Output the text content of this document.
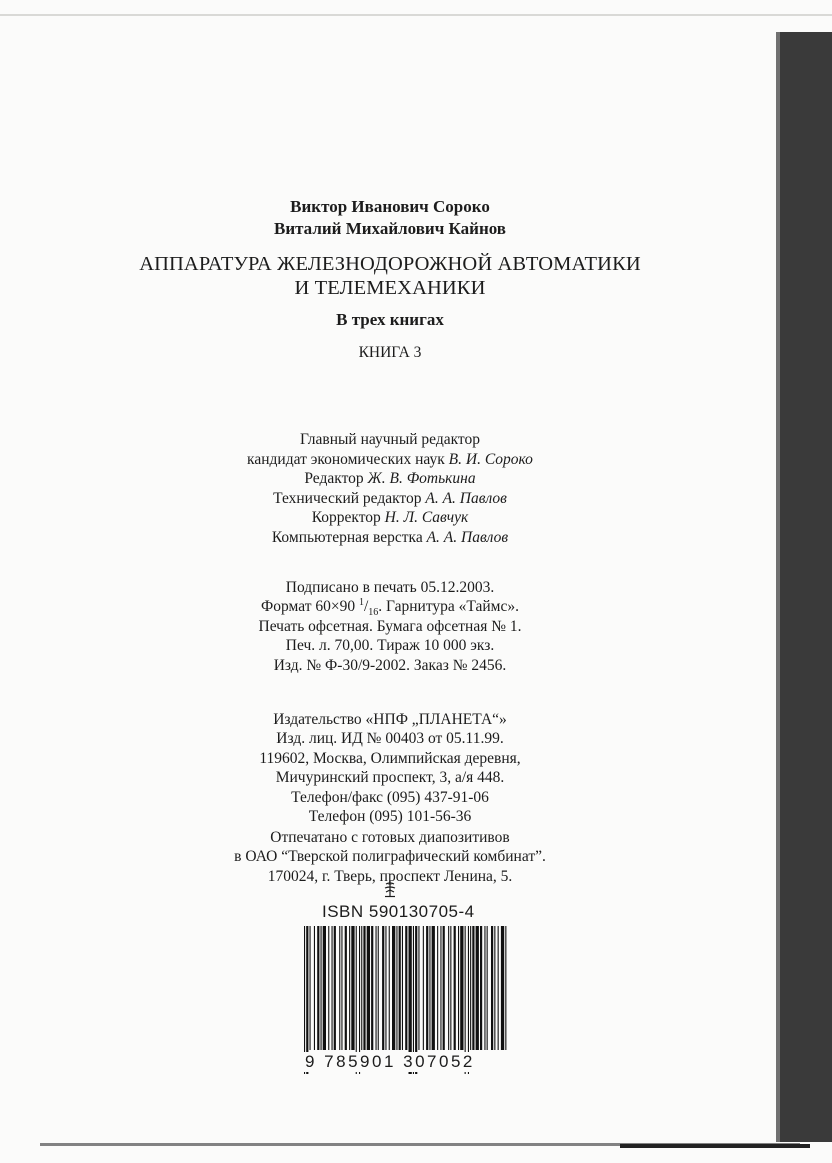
Виктор Иванович Сороко
Виталий Михайлович Кайнов
АППАРАТУРА ЖЕЛЕЗНОДОРОЖНОЙ АВТОМАТИКИ
И ТЕЛЕМЕХАНИКИ
В трех книгах
КНИГА 3
Главный научный редактор
кандидат экономических наук В. И. Сороко
Редактор Ж. В. Фотькина
Технический редактор А. А. Павлов
Корректор Н. Л. Савчук
Компьютерная верстка А. А. Павлов
Подписано в печать 05.12.2003.
Формат 60×90 $^1/_{16}$. Гарнитура «Таймс».
Печать офсетная. Бумага офсетная № 1.
Печ. л. 70,00. Тираж 10 000 экз.
Изд. № Ф-30/9-2002. Заказ № 2456.
Издательство «НПФ „ПЛАНЕТА“»
Изд. лиц. ИД № 00403 от 05.11.99.
119602, Москва, Олимпийская деревня,
Мичуринский проспект, 3, а/я 448.
Телефон/факс (095) 437-91-06
Телефон (095) 101-56-36
Отпечатано с готовых диапозитивов
в ОАО “Тверской полиграфический комбинат”.
170024, г. Тверь, проспект Ленина, 5.
ISBN 590130705-4
9 785901 307052
